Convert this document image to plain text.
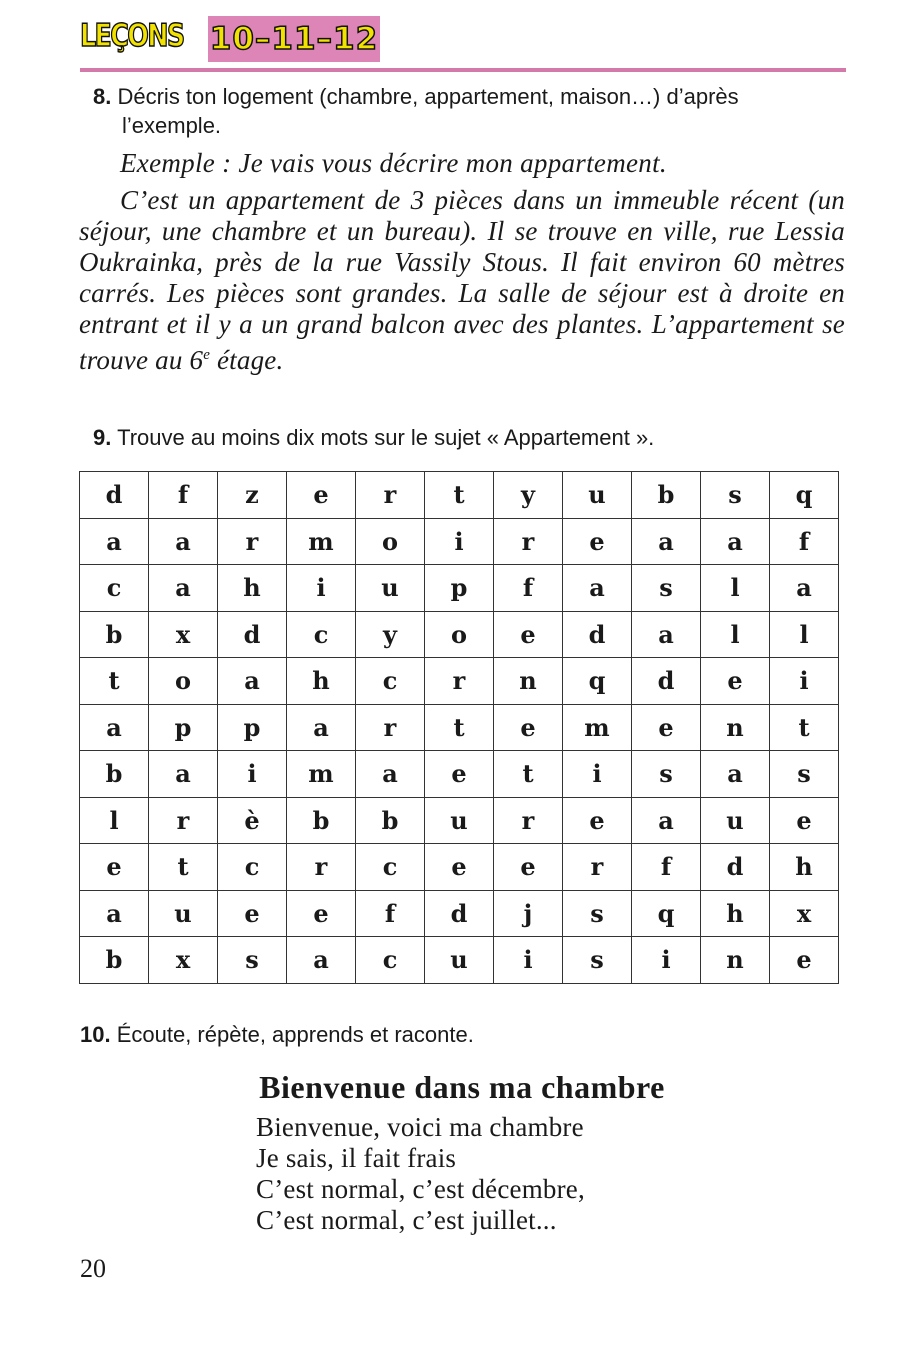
LEÇONS 10–11–12
8. Décris ton logement (chambre, appartement, maison…) d’après
l’exemple.
Exemple : Je vais vous décrire mon appartement.
C’est un appartement de 3 pièces dans un immeuble récent (un séjour, une chambre et un bureau). Il se trouve en ville, rue Lessia Oukrainka, près de la rue Vassily Stous. Il fait environ 60 mètres carrés. Les pièces sont grandes. La salle de séjour est à droite en entrant et il y a un grand balcon avec des plantes. L’appartement se trouve au 6e étage.
9. Trouve au moins dix mots sur le sujet « Appartement ».
d	f	z	e	r	t	y	u	b	s	q
a	a	r	m	o	i	r	e	a	a	f
c	a	h	i	u	p	f	a	s	l	a
b	x	d	c	y	o	e	d	a	l	l
t	o	a	h	c	r	n	q	d	e	i
a	p	p	a	r	t	e	m	e	n	t
b	a	i	m	a	e	t	i	s	a	s
l	r	è	b	b	u	r	e	a	u	e
e	t	c	r	c	e	e	r	f	d	h
a	u	e	e	f	d	j	s	q	h	x
b	x	s	a	c	u	i	s	i	n	e
10. Écoute, répète, apprends et raconte.
Bienvenue dans ma chambre
Bienvenue, voici ma chambre
Je sais, il fait frais
C’est normal, c’est décembre,
C’est normal, c’est juillet...
20
